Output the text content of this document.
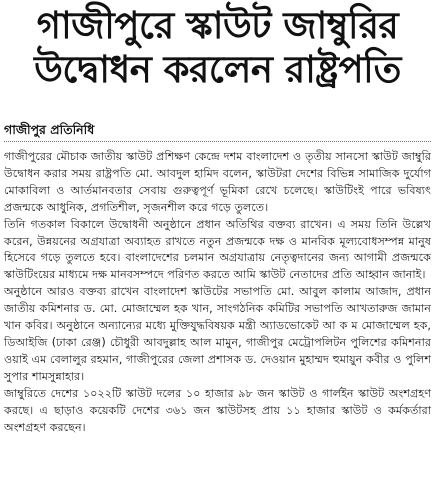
গাজীপুরে স্কাউট জাম্বুরির উদ্বোধন করলেন রাষ্ট্রপতি
গাজীপুর প্রতিনিধি

গাজীপুরের মৌচাক জাতীয় স্কাউট প্রশিক্ষণ কেন্দ্রে দশম বাংলাদেশ ও তৃতীয় সানসো স্কাউট জাম্বুরি উদ্বোধন করার সময় রাষ্ট্রপতি মো. আবদুল হামিদ বলেন, স্কাউটরা দেশের বিভিন্ন সামাজিক দুর্যোগ মোকাবিলা ও আর্তমানবতার সেবায় গুরুত্বপূর্ণ ভূমিকা রেখে চলেছে। স্কাউটিংই পারে ভবিষ্যৎ প্রজন্মকে আধুনিক, প্রগতিশীল, সৃজনশীল করে গড়ে তুলতে।

তিনি গতকাল বিকালে উদ্বোধনী অনুষ্ঠানে প্রধান অতিথির বক্তব্য রাখেন। এ সময় তিনি উল্লেখ করেন, উন্নয়নের অগ্রযাত্রা অব্যাহত রাখতে নতুন প্রজন্মকে দক্ষ ও মানবিক মূল্যবোধসম্পন্ন মানুষ হিসেবে গড়ে তুলতে হবে। বাংলাদেশের চলমান অগ্রযাত্রায় নেতৃত্বদানের জন্য আগামী প্রজন্মকে স্কাউটিংয়ের মাধ্যমে দক্ষ মানবসম্পদে পরিণত করতে আমি স্কাউট নেতাদের প্রতি আহ্বান জানাই।

অনুষ্ঠানে আরও বক্তব্য রাখেন বাংলাদেশ স্কাউটের সভাপতি মো. আবুল কালাম আজাদ, প্রধান জাতীয় কমিশনার ড. মো. মোজাম্মেল হক খান, সাংগঠনিক কমিটির সভাপতি আখতারুজ জামান খান কবির। অনুষ্ঠানে অন্যান্যের মধ্যে মুক্তিযুদ্ধবিষয়ক মন্ত্রী অ্যাডভোকেট আ ক ম মোজাম্মেল হক, ডিআইজি (ঢাকা রেঞ্জ) চৌধুরী আবদুল্লাহ আল মামুন, গাজীপুর মেট্রোপলিটন পুলিশের কমিশনার ওয়াই এম বেলালুর রহমান, গাজীপুরের জেলা প্রশাসক ড. দেওয়ান মুহাম্মদ হুমায়ুন কবীর ও পুলিশ সুপার শামসুন্নাহার।

জাম্বুরিতে দেশের ১০২২টি স্কাউট দলের ১০ হাজার ৯৮ জন স্কাউট ও গার্লইন স্কাউট অংশগ্রহণ করছে। এ ছাড়াও কয়েকটি দেশের ৩৬১ জন স্কাউটসহ প্রায় ১১ হাজার স্কাউট ও কর্মকর্তারা অংশগ্রহণ করছেন।
